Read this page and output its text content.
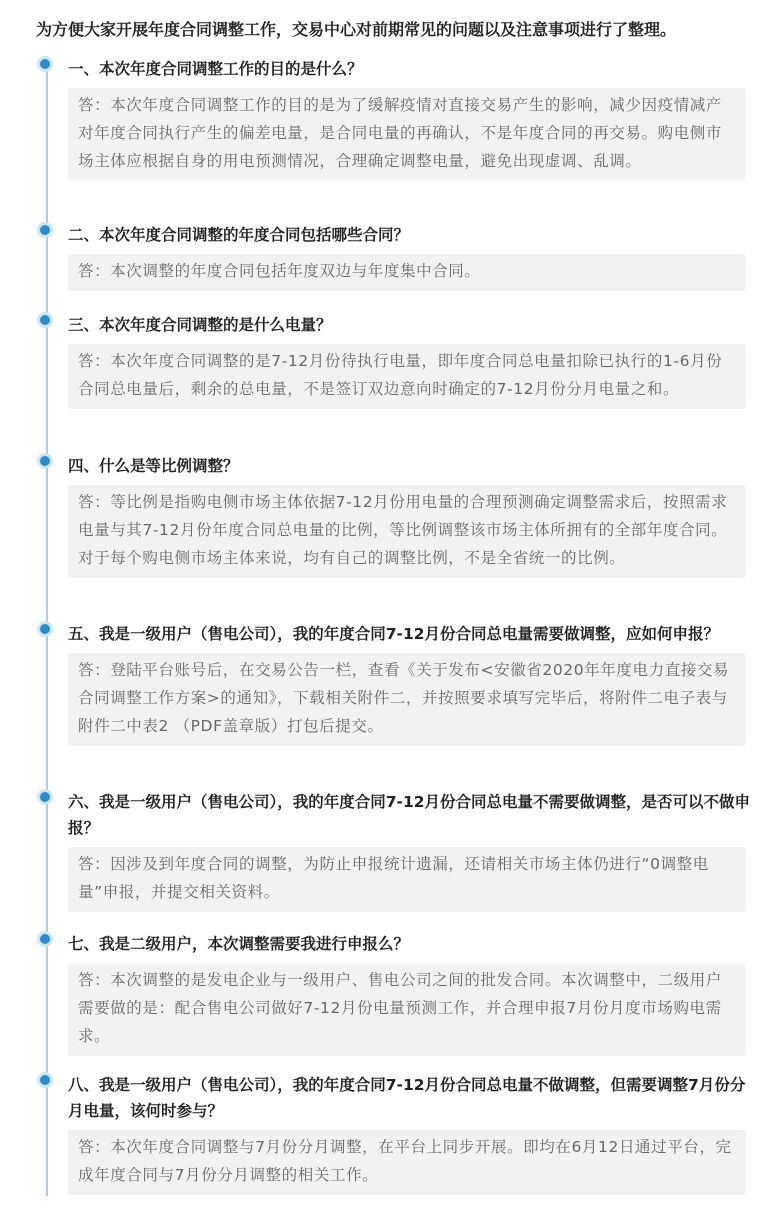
为方便大家开展年度合同调整工作，交易中心对前期常见的问题以及注意事项进行了整理。
一、本次年度合同调整工作的目的是什么？
答：本次年度合同调整工作的目的是为了缓解疫情对直接交易产生的影响，减少因疫情减产对年度合同执行产生的偏差电量，是合同电量的再确认，不是年度合同的再交易。购电侧市场主体应根据自身的用电预测情况，合理确定调整电量，避免出现虚调、乱调。
二、本次年度合同调整的年度合同包括哪些合同？
答：本次调整的年度合同包括年度双边与年度集中合同。
三、本次年度合同调整的是什么电量？
答：本次年度合同调整的是7-12月份待执行电量，即年度合同总电量扣除已执行的1-6月份合同总电量后，剩余的总电量，不是签订双边意向时确定的7-12月份分月电量之和。
四、什么是等比例调整？
答：等比例是指购电侧市场主体依据7-12月份用电量的合理预测确定调整需求后，按照需求电量与其7-12月份年度合同总电量的比例，等比例调整该市场主体所拥有的全部年度合同。对于每个购电侧市场主体来说，均有自己的调整比例，不是全省统一的比例。
五、我是一级用户（售电公司），我的年度合同7-12月份合同总电量需要做调整，应如何申报？
答：登陆平台账号后，在交易公告一栏，查看《关于发布<安徽省2020年年度电力直接交易合同调整工作方案>的通知》，下载相关附件二，并按照要求填写完毕后，将附件二电子表与附件二中表2 （PDF盖章版）打包后提交。
六、我是一级用户（售电公司），我的年度合同7-12月份合同总电量不需要做调整，是否可以不做申报？
答：因涉及到年度合同的调整，为防止申报统计遗漏，还请相关市场主体仍进行“0调整电量”申报，并提交相关资料。
七、我是二级用户，本次调整需要我进行申报么？
答：本次调整的是发电企业与一级用户、售电公司之间的批发合同。本次调整中，二级用户需要做的是：配合售电公司做好7-12月份电量预测工作，并合理申报7月份月度市场购电需求。
八、我是一级用户（售电公司），我的年度合同7-12月份合同总电量不做调整，但需要调整7月份分月电量，该何时参与？
答：本次年度合同调整与7月份分月调整，在平台上同步开展。即均在6月12日通过平台，完成年度合同与7月份分月调整的相关工作。
